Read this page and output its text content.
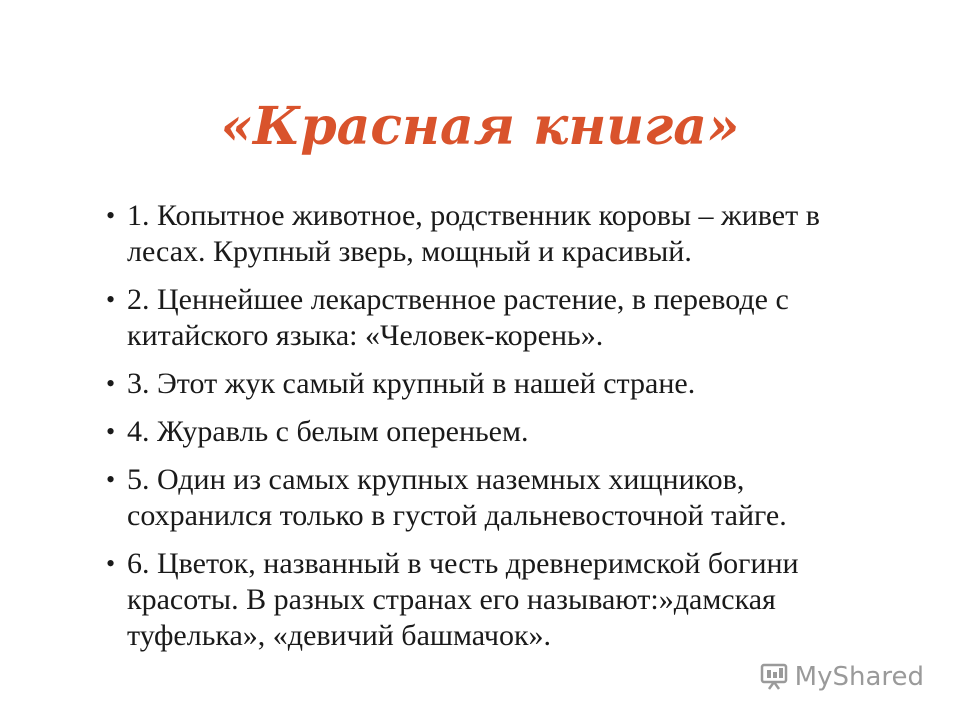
«Красная книга»
• 1. Копытное животное, родственник коровы – живет в лесах. Крупный зверь, мощный и красивый.
• 2. Ценнейшее лекарственное растение, в переводе с китайского языка: «Человек-корень».
• 3. Этот жук самый крупный в нашей стране.
• 4. Журавль с белым опереньем.
• 5. Один из самых крупных наземных хищников, сохранился только в густой дальневосточной тайге.
• 6. Цветок, названный в честь древнеримской богини красоты. В разных странах его называют:»дамская туфелька», «девичий башмачок».
MyShared
